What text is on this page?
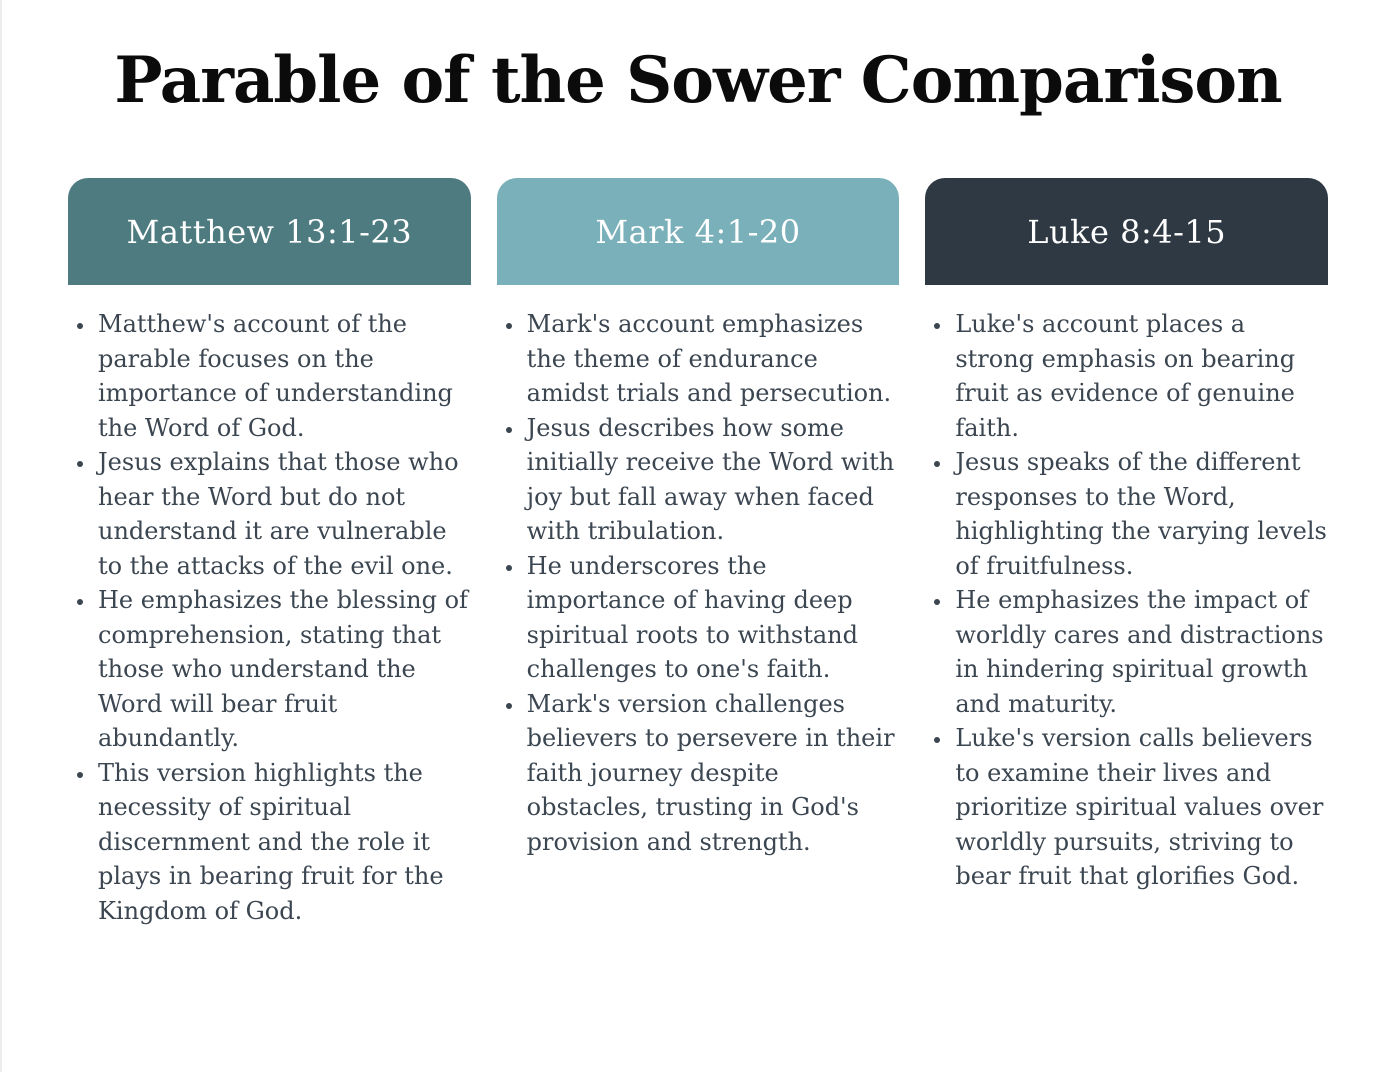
Parable of the Sower Comparison
Matthew 13:1-23
• Matthew's account of the parable focuses on the importance of understanding the Word of God.
• Jesus explains that those who hear the Word but do not understand it are vulnerable to the attacks of the evil one.
• He emphasizes the blessing of comprehension, stating that those who understand the Word will bear fruit abundantly.
• This version highlights the necessity of spiritual discernment and the role it plays in bearing fruit for the Kingdom of God.
Mark 4:1-20
• Mark's account emphasizes the theme of endurance amidst trials and persecution.
• Jesus describes how some initially receive the Word with joy but fall away when faced with tribulation.
• He underscores the importance of having deep spiritual roots to withstand challenges to one's faith.
• Mark's version challenges believers to persevere in their faith journey despite obstacles, trusting in God's provision and strength.
Luke 8:4-15
• Luke's account places a strong emphasis on bearing fruit as evidence of genuine faith.
• Jesus speaks of the different responses to the Word, highlighting the varying levels of fruitfulness.
• He emphasizes the impact of worldly cares and distractions in hindering spiritual growth and maturity.
• Luke's version calls believers to examine their lives and prioritize spiritual values over worldly pursuits, striving to bear fruit that glorifies God.
